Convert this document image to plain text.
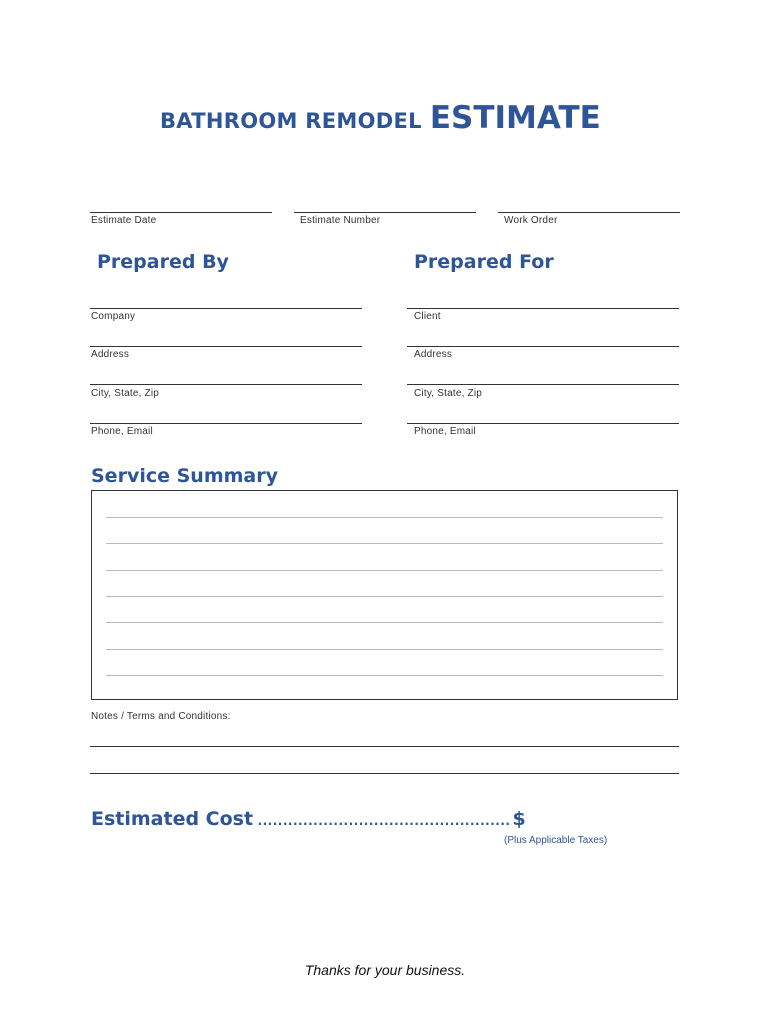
BATHROOM REMODEL ESTIMATE
Estimate Date	Estimate Number	Work Order
Prepared By
Company
Address
City, State, Zip
Phone, Email
Prepared For
Client
Address
City, State, Zip
Phone, Email
Service Summary
Notes / Terms and Conditions:
Estimated Cost .................................................. $
(Plus Applicable Taxes)
Thanks for your business.
